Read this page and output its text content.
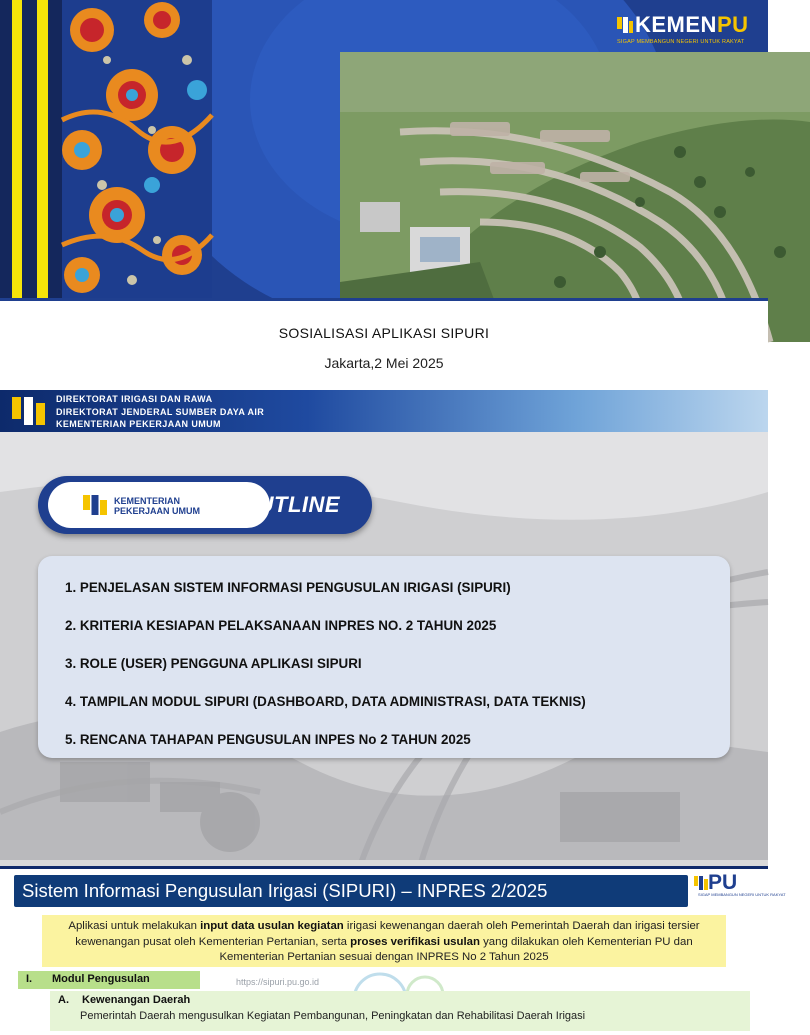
KEMENPU
SIGAP MEMBANGUN NEGERI UNTUK RAKYAT
SOSIALISASI APLIKASI SIPURI
Jakarta,2 Mei 2025
DIREKTORAT IRIGASI DAN RAWA
DIREKTORAT JENDERAL SUMBER DAYA AIR
KEMENTERIAN PEKERJAAN UMUM
KEMENTERIAN
PEKERJAAN UMUM OUTLINE
1. PENJELASAN SISTEM INFORMASI PENGUSULAN IRIGASI (SIPURI)
2. KRITERIA KESIAPAN PELAKSANAAN INPRES NO. 2 TAHUN 2025
3. ROLE (USER) PENGGUNA APLIKASI SIPURI
4. TAMPILAN MODUL SIPURI (DASHBOARD, DATA ADMINISTRASI, DATA TEKNIS)
5. RENCANA TAHAPAN PENGUSULAN INPES No 2 TAHUN 2025
Sistem Informasi Pengusulan Irigasi (SIPURI) – INPRES 2/2025	PU
SIGAP MEMBANGUN NEGERI UNTUK RAKYAT
Aplikasi untuk melakukan input data usulan kegiatan irigasi kewenangan daerah oleh Pemerintah Daerah dan irigasi tersier kewenangan pusat oleh Kementerian Pertanian, serta proses verifikasi usulan yang dilakukan oleh Kementerian PU dan Kementerian Pertanian sesuai dengan INPRES No 2 Tahun 2025
https://sipuri.pu.go.id
I. Modul Pengusulan
A. Kewenangan Daerah
Pemerintah Daerah mengusulkan Kegiatan Pembangunan, Peningkatan dan Rehabilitasi Daerah Irigasi
